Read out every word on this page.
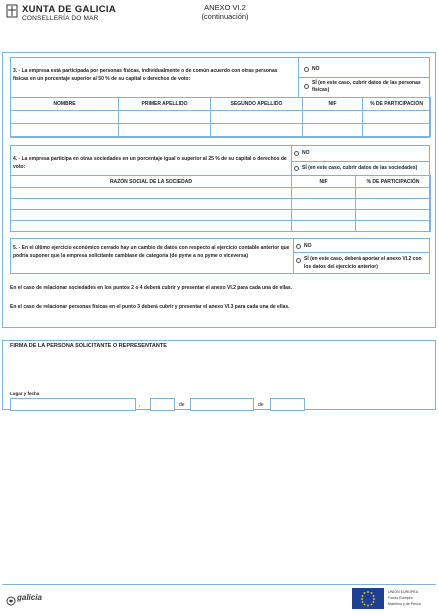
XUNTA DE GALICIA
CONSELLERÍA DO MAR
ANEXO VI.2
(continuación)
3. - La empresa está participada por personas físicas, individualmente o de común acuerdo con otras personas físicas en un porcentaje superior al 50 % de su capital o derechos de voto:
NO
SÍ (en este caso, cubrir datos de las personas físicas)
NOMBRE	PRIMER APELLIDO	SEGUNDO APELLIDO	NIF	% DE PARTICIPACIÓN

4. - La empresa participa en otras sociedades en un porcentaje igual o superior al 25 % de su capital o derechos de voto:
NO
SÍ (en este caso, cubrir datos de las sociedades)
RAZÓN SOCIAL DE LA SOCIEDAD	NIF	% DE PARTICIPACIÓN

5. - En el último ejercicio económico cerrado hay un cambio de datos con respecto al ejercicio contable anterior que podría suponer que la empresa solicitante cambiase de categoría (de pyme a no pyme o viceversa)
NO
SÍ (en este caso, deberá aportar el anexo VI.2 con los datos del ejercicio anterior)
En el caso de relacionar sociedades en los puntos 2 o 4 deberá cubrir y presentar el anexo VI.2 para cada una de ellas.
En el caso de relacionar personas físicas en el punto 3 deberá cubrir y presentar el anexo VI.3 para cada una de ellas.
FIRMA DE LA PERSONA SOLICITANTE O REPRESENTANTE
Lugar y fecha
,	de	de
galicia
UNIÓN EUROPEA
Fondo Europeo
Marítimo y de Pesca
